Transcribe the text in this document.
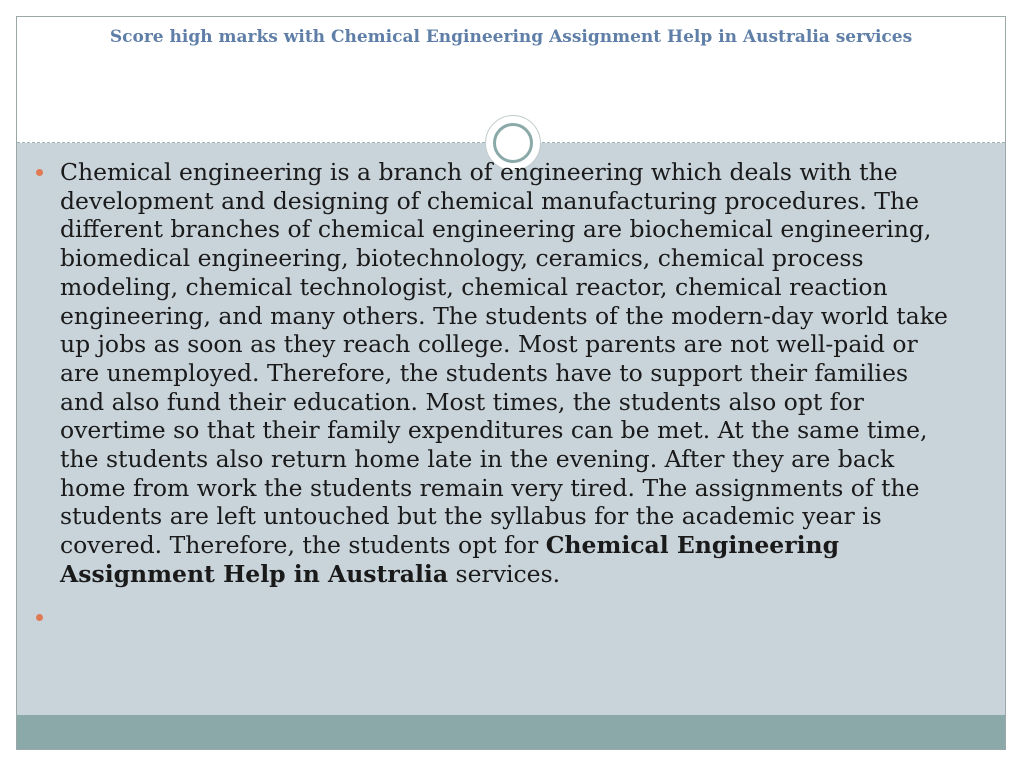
Score high marks with Chemical Engineering Assignment Help in Australia services
Chemical engineering is a branch of engineering which deals with the development and designing of chemical manufacturing procedures. The different branches of chemical engineering are biochemical engineering, biomedical engineering, biotechnology, ceramics, chemical process modeling, chemical technologist, chemical reactor, chemical reaction engineering, and many others. The students of the modern-day world take up jobs as soon as they reach college. Most parents are not well-paid or are unemployed. Therefore, the students have to support their families and also fund their education. Most times, the students also opt for overtime so that their family expenditures can be met. At the same time, the students also return home late in the evening. After they are back home from work the students remain very tired. The assignments of the students are left untouched but the syllabus for the academic year is covered. Therefore, the students opt for Chemical Engineering Assignment Help in Australia services.
